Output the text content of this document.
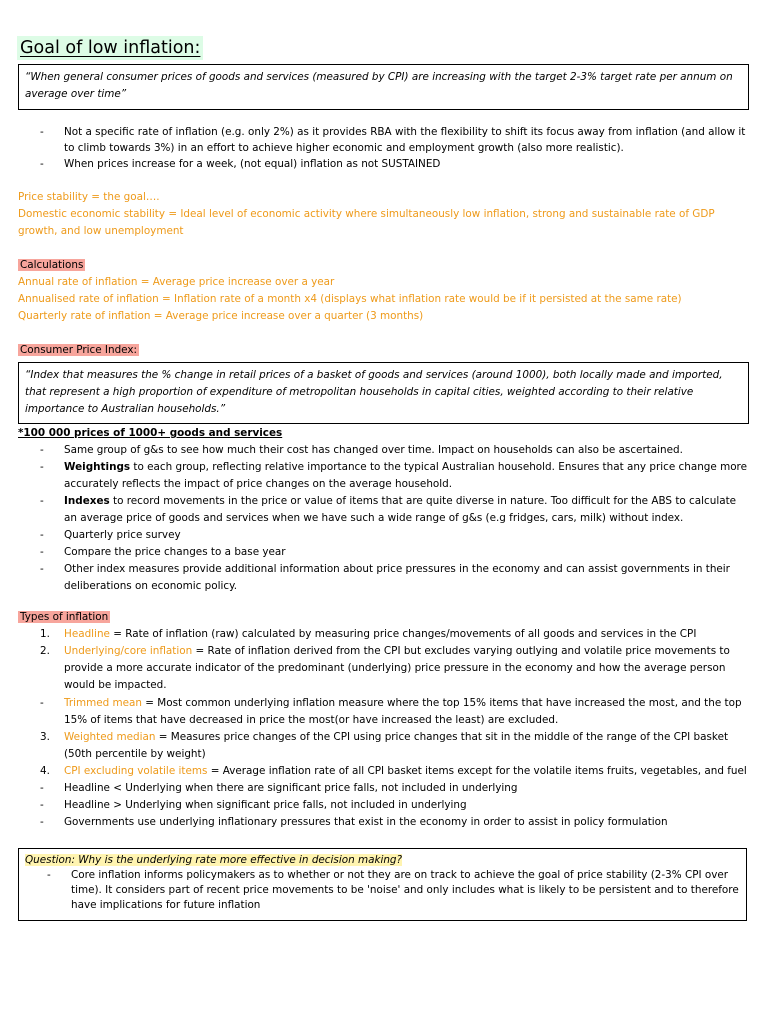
Goal of low inflation:
“When general consumer prices of goods and services (measured by CPI) are increasing with the target 2-3% target rate per annum on average over time”
- Not a specific rate of inflation (e.g. only 2%) as it provides RBA with the flexibility to shift its focus away from inflation (and allow it to climb towards 3%) in an effort to achieve higher economic and employment growth (also more realistic).
- When prices increase for a week, (not equal) inflation as not SUSTAINED
Price stability = the goal….
Domestic economic stability = Ideal level of economic activity where simultaneously low inflation, strong and sustainable rate of GDP growth, and low unemployment
Calculations
Annual rate of inflation = Average price increase over a year
Annualised rate of inflation = Inflation rate of a month x4 (displays what inflation rate would be if it persisted at the same rate)
Quarterly rate of inflation = Average price increase over a quarter (3 months)
Consumer Price Index:
“Index that measures the % change in retail prices of a basket of goods and services (around 1000), both locally made and imported, that represent a high proportion of expenditure of metropolitan households in capital cities, weighted according to their relative importance to Australian households.”
*100 000 prices of 1000+ goods and services
- Same group of g&s to see how much their cost has changed over time. Impact on households can also be ascertained.
- Weightings to each group, reflecting relative importance to the typical Australian household. Ensures that any price change more accurately reflects the impact of price changes on the average household.
- Indexes to record movements in the price or value of items that are quite diverse in nature. Too difficult for the ABS to calculate an average price of goods and services when we have such a wide range of g&s (e.g fridges, cars, milk) without index.
- Quarterly price survey
- Compare the price changes to a base year
- Other index measures provide additional information about price pressures in the economy and can assist governments in their deliberations on economic policy.
Types of inflation
1. Headline = Rate of inflation (raw) calculated by measuring price changes/movements of all goods and services in the CPI
2. Underlying/core inflation = Rate of inflation derived from the CPI but excludes varying outlying and volatile price movements to provide a more accurate indicator of the predominant (underlying) price pressure in the economy and how the average person would be impacted.
- Trimmed mean = Most common underlying inflation measure where the top 15% items that have increased the most, and the top 15% of items that have decreased in price the most(or have increased the least) are excluded.
3. Weighted median = Measures price changes of the CPI using price changes that sit in the middle of the range of the CPI basket (50th percentile by weight)
4. CPI excluding volatile items = Average inflation rate of all CPI basket items except for the volatile items fruits, vegetables, and fuel
- Headline < Underlying when there are significant price falls, not included in underlying
- Headline > Underlying when significant price falls, not included in underlying
- Governments use underlying inflationary pressures that exist in the economy in order to assist in policy formulation
Question: Why is the underlying rate more effective in decision making?
- Core inflation informs policymakers as to whether or not they are on track to achieve the goal of price stability (2-3% CPI over time). It considers part of recent price movements to be 'noise' and only includes what is likely to be persistent and to therefore have implications for future inflation
